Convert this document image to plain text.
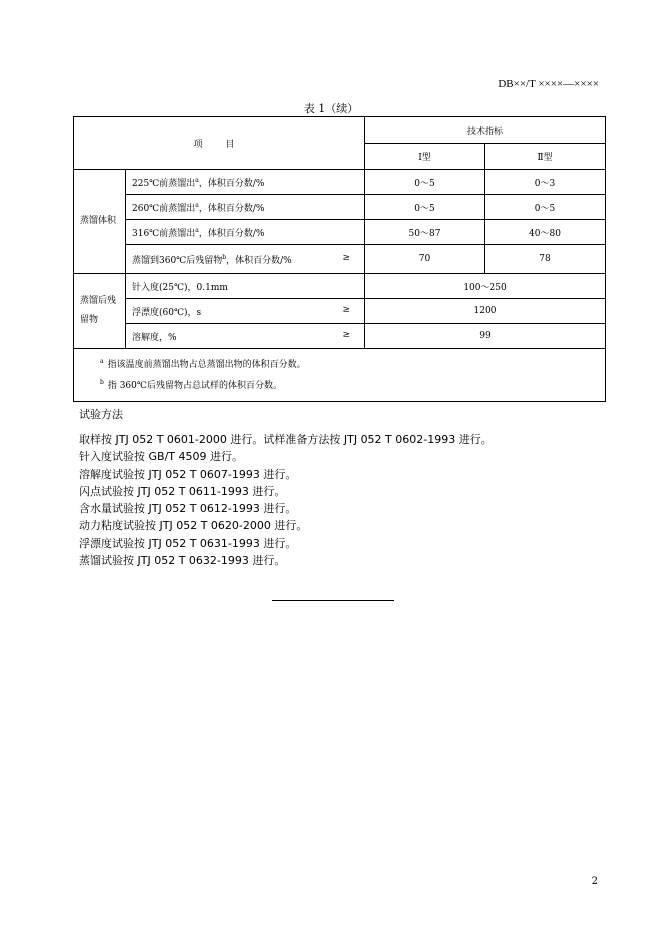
DB××/T ××××—××××
表 1（续）
项 目		技术指标	
		Ⅰ型	Ⅱ型
蒸馏体积	225℃前蒸馏出$^a$，体积百分数/%	0～5	0～3
	260℃前蒸馏出$^a$，体积百分数/%	0～5	0～5
	316℃前蒸馏出$^a$，体积百分数/%	50～87	40～80
	蒸馏到360℃后残留物$^b$，体积百分数/% ≥	70	78
蒸馏后残留物	针入度(25℃)，0.1mm	100～250	
	浮漂度(60℃)，s ≥	1200	
	溶解度，% ≥	99	

$^a$ 指该温度前蒸馏出物占总蒸馏出物的体积百分数。
$^b$ 指 360℃后残留物占总试样的体积百分数。			
试验方法
取样按 JTJ 052 T 0601-2000 进行。试样准备方法按 JTJ 052 T 0602-1993 进行。
针入度试验按 GB/T 4509 进行。
溶解度试验按 JTJ 052 T 0607-1993 进行。
闪点试验按 JTJ 052 T 0611-1993 进行。
含水量试验按 JTJ 052 T 0612-1993 进行。
动力粘度试验按 JTJ 052 T 0620-2000 进行。
浮漂度试验按 JTJ 052 T 0631-1993 进行。
蒸馏试验按 JTJ 052 T 0632-1993 进行。
2
